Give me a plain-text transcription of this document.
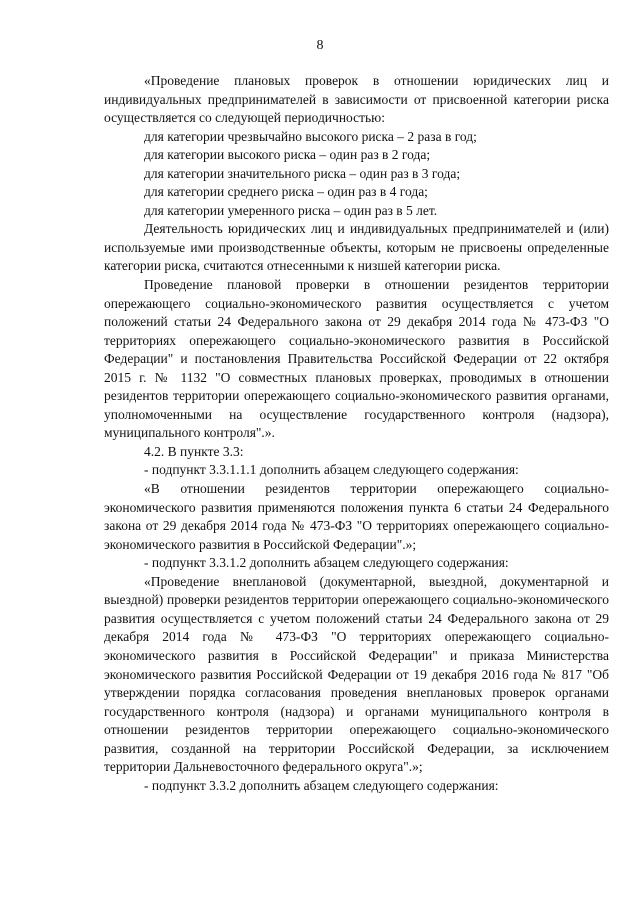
8

«Проведение плановых проверок в отношении юридических лиц и индивидуальных предпринимателей в зависимости от присвоенной категории риска осуществляется со следующей периодичностью:

для категории чрезвычайно высокого риска – 2 раза в год;

для категории высокого риска – один раз в 2 года;

для категории значительного риска – один раз в 3 года;

для категории среднего риска – один раз в 4 года;

для категории умеренного риска – один раз в 5 лет.

Деятельность юридических лиц и индивидуальных предпринимателей и (или) используемые ими производственные объекты, которым не присвоены определенные категории риска, считаются отнесенными к низшей категории риска.

Проведение плановой проверки в отношении резидентов территории опережающего социально-экономического развития осуществляется с учетом положений статьи 24 Федерального закона от 29 декабря 2014 года № 473-ФЗ "О территориях опережающего социально-экономического развития в Российской Федерации" и постановления Правительства Российской Федерации от 22 октября 2015 г. № 1132 "О совместных плановых проверках, проводимых в отношении резидентов территории опережающего социально-экономического развития органами, уполномоченными на осуществление государственного контроля (надзора), муниципального контроля".».

4.2. В пункте 3.3:

- подпункт 3.3.1.1.1 дополнить абзацем следующего содержания:

«В отношении резидентов территории опережающего социально-экономического развития применяются положения пункта 6 статьи 24 Федерального закона от 29 декабря 2014 года № 473-ФЗ "О территориях опережающего социально-экономического развития в Российской Федерации".»;

- подпункт 3.3.1.2 дополнить абзацем следующего содержания:

«Проведение внеплановой (документарной, выездной, документарной и выездной) проверки резидентов территории опережающего социально-экономического развития осуществляется с учетом положений статьи 24 Федерального закона от 29 декабря 2014 года № 473-ФЗ "О территориях опережающего социально-экономического развития в Российской Федерации" и приказа Министерства экономического развития Российской Федерации от 19 декабря 2016 года № 817 "Об утверждении порядка согласования проведения внеплановых проверок органами государственного контроля (надзора) и органами муниципального контроля в отношении резидентов территории опережающего социально-экономического развития, созданной на территории Российской Федерации, за исключением территории Дальневосточного федерального округа".»;

- подпункт 3.3.2 дополнить абзацем следующего содержания:
